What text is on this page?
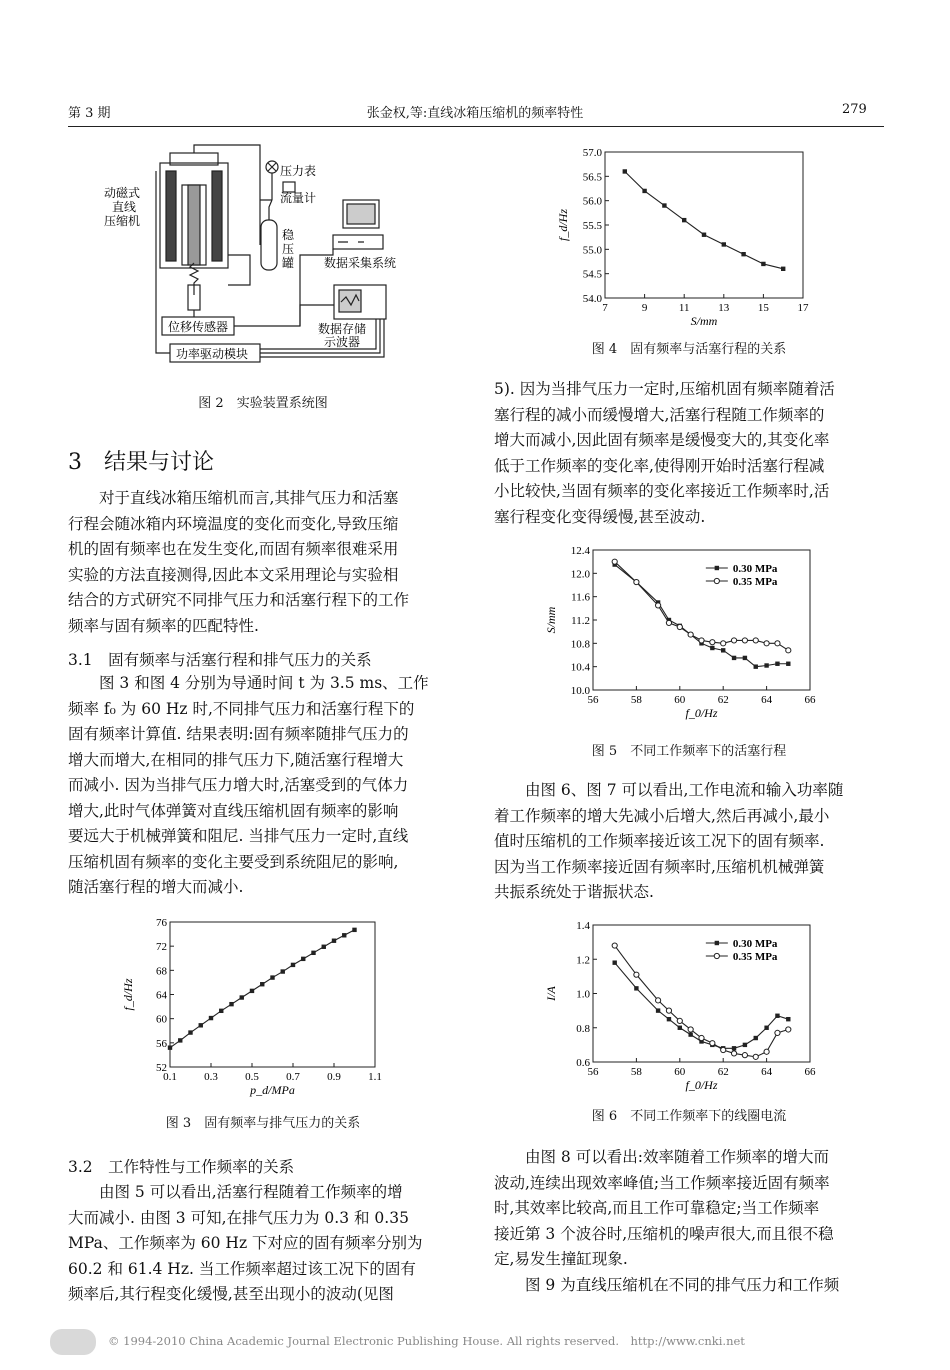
第 3 期	张金权,等:直线冰箱压缩机的频率特性	279
动磁式
直线
压缩机
压力表
流量计
稳
压
罐 数据采集系统
数据存储
示波器
位移传感器
功率驱动模块
图 2　实验装置系统图
3　结果与讨论
对于直线冰箱压缩机而言,其排气压力和活塞
行程会随冰箱内环境温度的变化而变化,导致压缩
机的固有频率也在发生变化,而固有频率很难采用
实验的方法直接测得,因此本文采用理论与实验相
结合的方式研究不同排气压力和活塞行程下的工作
频率与固有频率的匹配特性.
3.1　固有频率与活塞行程和排气压力的关系
图 3 和图 4 分别为导通时间 t 为 3.5 ms、工作
频率 f₀ 为 60 Hz 时,不同排气压力和活塞行程下的
固有频率计算值. 结果表明:固有频率随排气压力的
增大而增大,在相同的排气压力下,随活塞行程增大
而减小. 因为当排气压力增大时,活塞受到的气体力
增大,此时气体弹簧对直线压缩机固有频率的影响
要远大于机械弹簧和阻尼. 当排气压力一定时,直线
压缩机固有频率的变化主要受到系统阻尼的影响,
随活塞行程的增大而减小.
0.1 0.3 0.5 0.7 0.9 1.1
52
56
60
64
68
72
76
p_d/MPa
f_d/Hz
图 3　固有频率与排气压力的关系
3.2　工作特性与工作频率的关系
由图 5 可以看出,活塞行程随着工作频率的增
大而减小. 由图 3 可知,在排气压力为 0.3 和 0.35
MPa、工作频率为 60 Hz 下对应的固有频率分别为
60.2 和 61.4 Hz. 当工作频率超过该工况下的固有
频率后,其行程变化缓慢,甚至出现小的波动(见图
7	9	11	13	15	17
54.0
54.5
55.0
55.5
56.0
56.5
57.0
S/mm
f_d/Hz
图 4　固有频率与活塞行程的关系
5). 因为当排气压力一定时,压缩机固有频率随着活
塞行程的减小而缓慢增大,活塞行程随工作频率的
增大而减小,因此固有频率是缓慢变大的,其变化率
低于工作频率的变化率,使得刚开始时活塞行程减
小比较快,当固有频率的变化率接近工作频率时,活
塞行程变化变得缓慢,甚至波动.
56	58	60	62	64	66
10.0
10.4
10.8
11.2
11.6
12.0
12.4
f_0/Hz
S/mm
0.30 MPa
0.35 MPa
图 5　不同工作频率下的活塞行程
由图 6、图 7 可以看出,工作电流和输入功率随
着工作频率的增大先减小后增大,然后再减小,最小
值时压缩机的工作频率接近该工况下的固有频率.
因为当工作频率接近固有频率时,压缩机机械弹簧
共振系统处于谐振状态.
56	58	60	62	64	66
0.6
0.8
1.0
1.2
1.4
f_0/Hz
I/A
0.30 MPa
0.35 MPa
图 6　不同工作频率下的线圈电流
由图 8 可以看出:效率随着工作频率的增大而
波动,连续出现效率峰值;当工作频率接近固有频率
时,其效率比较高,而且工作可靠稳定;当工作频率
接近第 3 个波谷时,压缩机的噪声很大,而且很不稳
定,易发生撞缸现象.
图 9 为直线压缩机在不同的排气压力和工作频
© 1994-2010 China Academic Journal Electronic Publishing House. All rights reserved.　http://www.cnki.net
